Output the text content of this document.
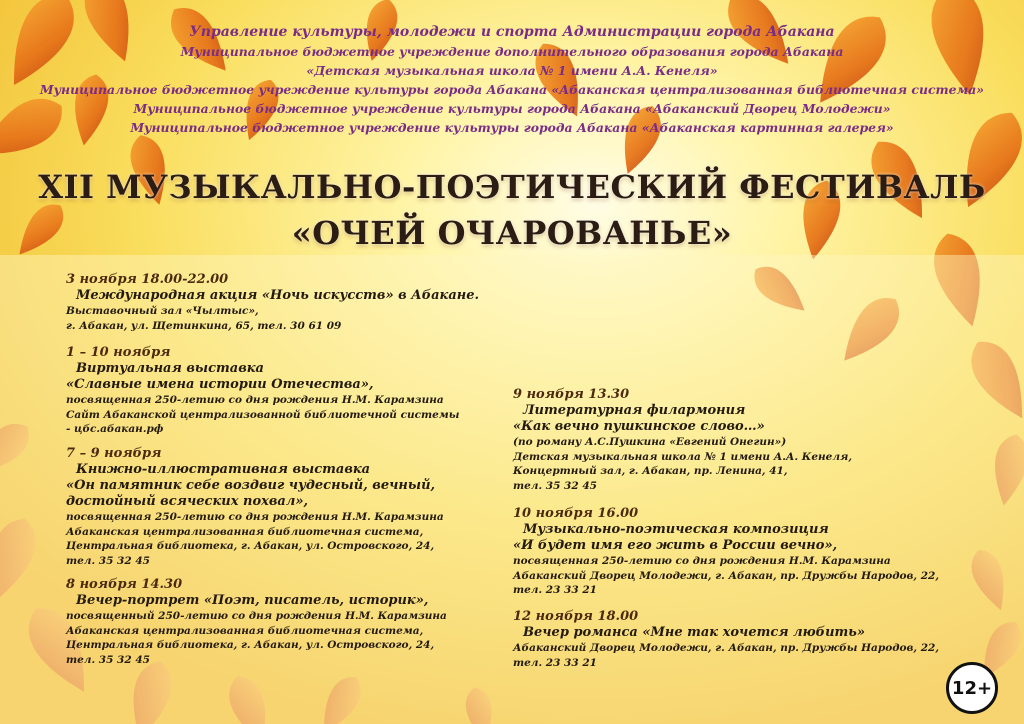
Управление культуры, молодежи и спорта Администрации города Абакана
Муниципальное бюджетное учреждение дополнительного образования города Абакана
«Детская музыкальная школа № 1 имени А.А. Кенеля»
Муниципальное бюджетное учреждение культуры города Абакана «Абаканская централизованная библиотечная система»
Муниципальное бюджетное учреждение культуры города Абакана «Абаканский Дворец Молодежи»
Муниципальное бюджетное учреждение культуры города Абакана «Абаканская картинная галерея»
XII МУЗЫКАЛЬНО-ПОЭТИЧЕСКИЙ ФЕСТИВАЛЬ
«ОЧЕЙ ОЧАРОВАНЬЕ»
3 ноября 18.00-22.00
Международная акция «Ночь искусств» в Абакане.
Выставочный зал «Чылтыс»,
г. Абакан, ул. Щетинкина, 65, тел. 30 61 09
1 – 10 ноября
Виртуальная выставка
«Славные имена истории Отечества»,
посвященная 250-летию со дня рождения Н.М. Карамзина
Сайт Абаканской централизованной библиотечной системы
- цбс.абакан.рф
7 – 9 ноября
Книжно-иллюстративная выставка
«Он памятник себе воздвиг чудесный, вечный,
достойный всяческих похвал»,
посвященная 250-летию со дня рождения Н.М. Карамзина
Абаканская централизованная библиотечная система,
Центральная библиотека, г. Абакан, ул. Островского, 24,
тел. 35 32 45
8 ноября 14.30
Вечер-портрет «Поэт, писатель, историк»,
посвященный 250-летию со дня рождения Н.М. Карамзина
Абаканская централизованная библиотечная система,
Центральная библиотека, г. Абакан, ул. Островского, 24,
тел. 35 32 45
9 ноября 13.30
Литературная филармония
«Как вечно пушкинское слово…»
(по роману А.С.Пушкина «Евгений Онегин»)
Детская музыкальная школа № 1 имени А.А. Кенеля,
Концертный зал, г. Абакан, пр. Ленина, 41,
тел. 35 32 45
10 ноября 16.00
Музыкально-поэтическая композиция
«И будет имя его жить в России вечно»,
посвященная 250-летию со дня рождения Н.М. Карамзина
Абаканский Дворец Молодежи, г. Абакан, пр. Дружбы Народов, 22,
тел. 23 33 21
12 ноября 18.00
Вечер романса «Мне так хочется любить»
Абаканский Дворец Молодежи, г. Абакан, пр. Дружбы Народов, 22,
тел. 23 33 21
12+
